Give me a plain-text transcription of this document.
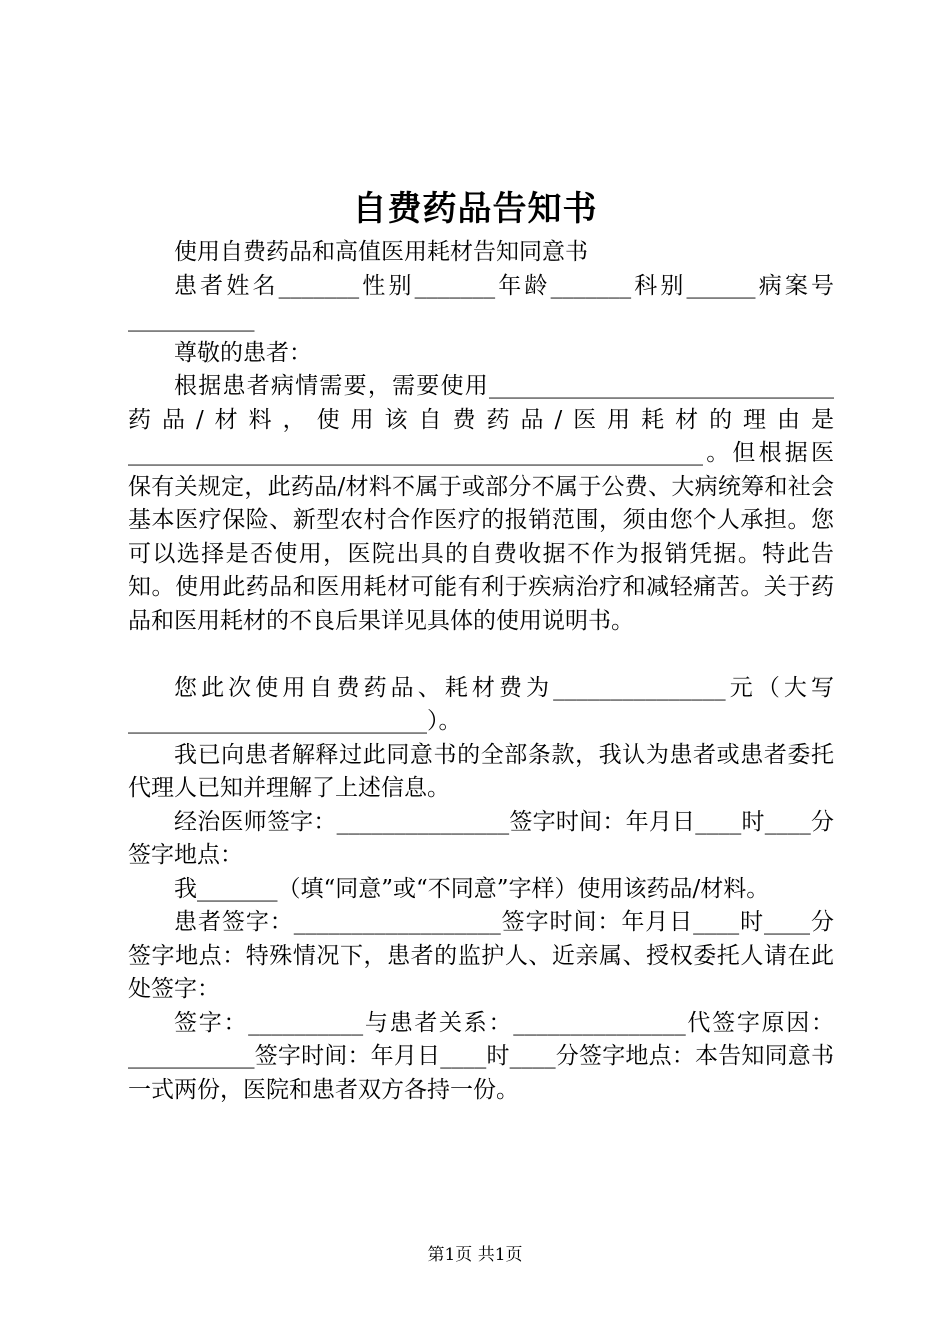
自费药品告知书

使用自费药品和高值医用耗材告知同意书

患者姓名_______性别_______年龄_______科别______病案号___________

尊敬的患者：

根据患者病情需要，需要使用______________________________药品/材料，使用该自费药品/医用耗材的理由是__________________________________________________。但根据医保有关规定，此药品/材料不属于或部分不属于公费、大病统筹和社会基本医疗保险、新型农村合作医疗的报销范围，须由您个人承担。您可以选择是否使用，医院出具的自费收据不作为报销凭据。特此告知。使用此药品和医用耗材可能有利于疾病治疗和减轻痛苦。关于药品和医用耗材的不良后果详见具体的使用说明书。

您此次使用自费药品、耗材费为_______________元（大写__________________________）。

我已向患者解释过此同意书的全部条款，我认为患者或患者委托代理人已知并理解了上述信息。

经治医师签字：_______________签字时间：年月日____时____分签字地点：

我_______（填“同意”或“不同意”字样）使用该药品/材料。

患者签字：__________________签字时间：年月日____时____分签字地点：特殊情况下，患者的监护人、近亲属、授权委托人请在此处签字：

签字：__________与患者关系：_______________代签字原因：___________签字时间：年月日____时____分签字地点：本告知同意书一式两份，医院和患者双方各持一份。

第1页 共1页
